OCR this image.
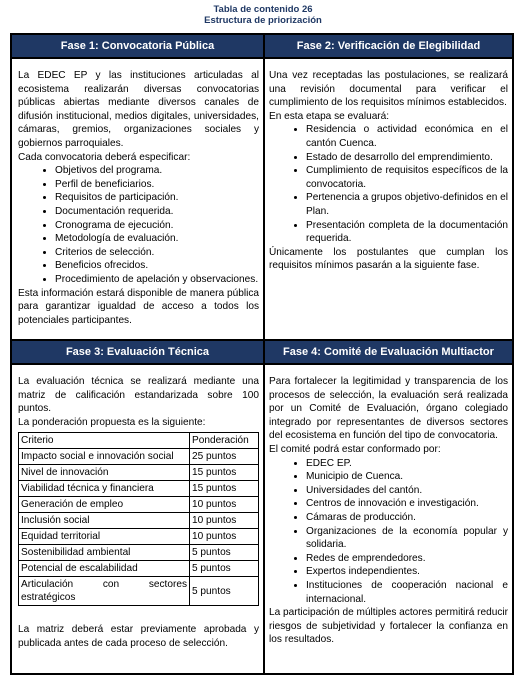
Tabla de contenido 26
Estructura de priorización
Fase 1: Convocatoria Pública	Fase 2: Verificación de Elegibilidad
Fase 3: Evaluación Técnica	Fase 4: Comité de Evaluación Multiactor

La EDEC EP y las instituciones articuladas al ecosistema realizarán diversas convocatorias públicas abiertas mediante diversos canales de difusión institucional, medios digitales, universidades, cámaras, gremios, organizaciones sociales y gobiernos parroquiales.

Cada convocatoria deberá especificar:

• Objetivos del programa.
• Perfil de beneficiarios.
• Requisitos de participación.
• Documentación requerida.
• Cronograma de ejecución.
• Metodología de evaluación.
• Criterios de selección.
• Beneficios ofrecidos.
• Procedimiento de apelación y observaciones.

Esta información estará disponible de manera pública para garantizar igualdad de acceso a todos los potenciales participantes.

Una vez receptadas las postulaciones, se realizará una revisión documental para verificar el cumplimiento de los requisitos mínimos establecidos.

En esta etapa se evaluará:

• Residencia o actividad económica en el cantón Cuenca.
• Estado de desarrollo del emprendimiento.
• Cumplimiento de requisitos específicos de la convocatoria.
• Pertenencia a grupos objetivo-definidos en el Plan.
• Presentación completa de la documentación requerida.

Únicamente los postulantes que cumplan los requisitos mínimos pasarán a la siguiente fase.

La evaluación técnica se realizará mediante una matriz de calificación estandarizada sobre 100 puntos.

La ponderación propuesta es la siguiente:

Criterio	Ponderación
Impacto social e innovación social	25 puntos
Nivel de innovación	15 puntos
Viabilidad técnica y financiera	15 puntos
Generación de empleo	10 puntos
Inclusión social	10 puntos
Equidad territorial	10 puntos
Sostenibilidad ambiental	5 puntos
Potencial de escalabilidad	5 puntos
Articulación con sectores estratégicos	5 puntos

La matriz deberá estar previamente aprobada y publicada antes de cada proceso de selección.

Para fortalecer la legitimidad y transparencia de los procesos de selección, la evaluación será realizada por un Comité de Evaluación, órgano colegiado integrado por representantes de diversos sectores del ecosistema en función del tipo de convocatoria.

El comité podrá estar conformado por:

• EDEC EP.
• Municipio de Cuenca.
• Universidades del cantón.
• Centros de innovación e investigación.
• Cámaras de producción.
• Organizaciones de la economía popular y solidaria.
• Redes de emprendedores.
• Expertos independientes.
• Instituciones de cooperación nacional e internacional.

La participación de múltiples actores permitirá reducir riesgos de subjetividad y fortalecer la confianza en los resultados.
